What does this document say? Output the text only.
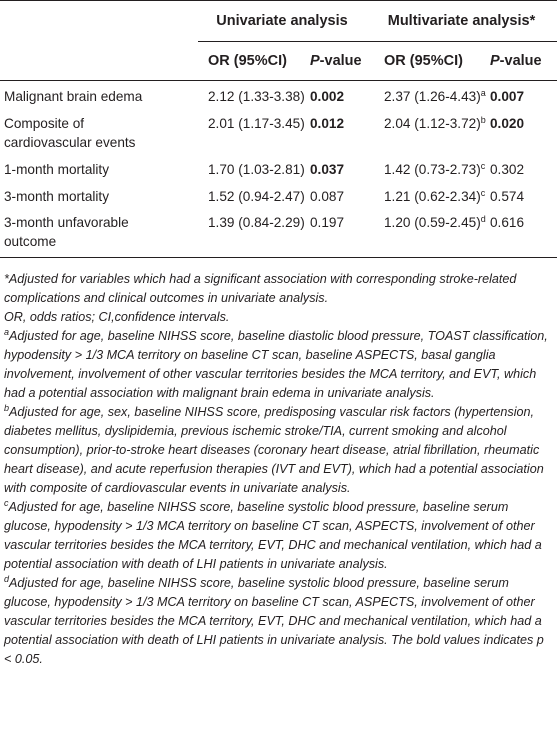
	Univariate analysis		Multivariate analysis*	
	OR (95%CI)	P-value	OR (95%CI)	P-value
Malignant brain edema	2.12 (1.33-3.38)	0.002	2.37 $(1.26-4.43)^a$	0.007
Composite of cardiovascular events	2.01 (1.17-3.45)	0.012	2.04 $(1.12-3.72)^b$	0.020
1-month mortality	1.70 (1.03-2.81)	0.037	1.42 $(0.73-2.73)^c$	0.302
3-month mortality	1.52 (0.94-2.47)	0.087	1.21 $(0.62-2.34)^c$	0.574
3-month unfavorable outcome	1.39 (0.84-2.29)	0.197	1.20 $(0.59-2.45)^d$	0.616

*Adjusted for variables which had a significant association with corresponding stroke-related complications and clinical outcomes in univariate analysis.

OR, odds ratios; CI,confidence intervals.

$^a$Adjusted for age, baseline NIHSS score, baseline diastolic blood pressure, TOAST classification, hypodensity > 1/3 MCA territory on baseline CT scan, baseline ASPECTS, basal ganglia involvement, involvement of other vascular territories besides the MCA territory, and EVT, which had a potential association with malignant brain edema in univariate analysis.

$^b$Adjusted for age, sex, baseline NIHSS score, predisposing vascular risk factors (hypertension, diabetes mellitus, dyslipidemia, previous ischemic stroke/TIA, current smoking and alcohol consumption), prior-to-stroke heart diseases (coronary heart disease, atrial fibrillation, rheumatic heart disease), and acute reperfusion therapies (IVT and EVT), which had a potential association with composite of cardiovascular events in univariate analysis.

$^c$Adjusted for age, baseline NIHSS score, baseline systolic blood pressure, baseline serum glucose, hypodensity > 1/3 MCA territory on baseline CT scan, ASPECTS, involvement of other vascular territories besides the MCA territory, EVT, DHC and mechanical ventilation, which had a potential association with death of LHI patients in univariate analysis.

$^d$Adjusted for age, baseline NIHSS score, baseline systolic blood pressure, baseline serum glucose, hypodensity > 1/3 MCA territory on baseline CT scan, ASPECTS, involvement of other vascular territories besides the MCA territory, EVT, DHC and mechanical ventilation, which had a potential association with death of LHI patients in univariate analysis. The bold values indicates p < 0.05.
